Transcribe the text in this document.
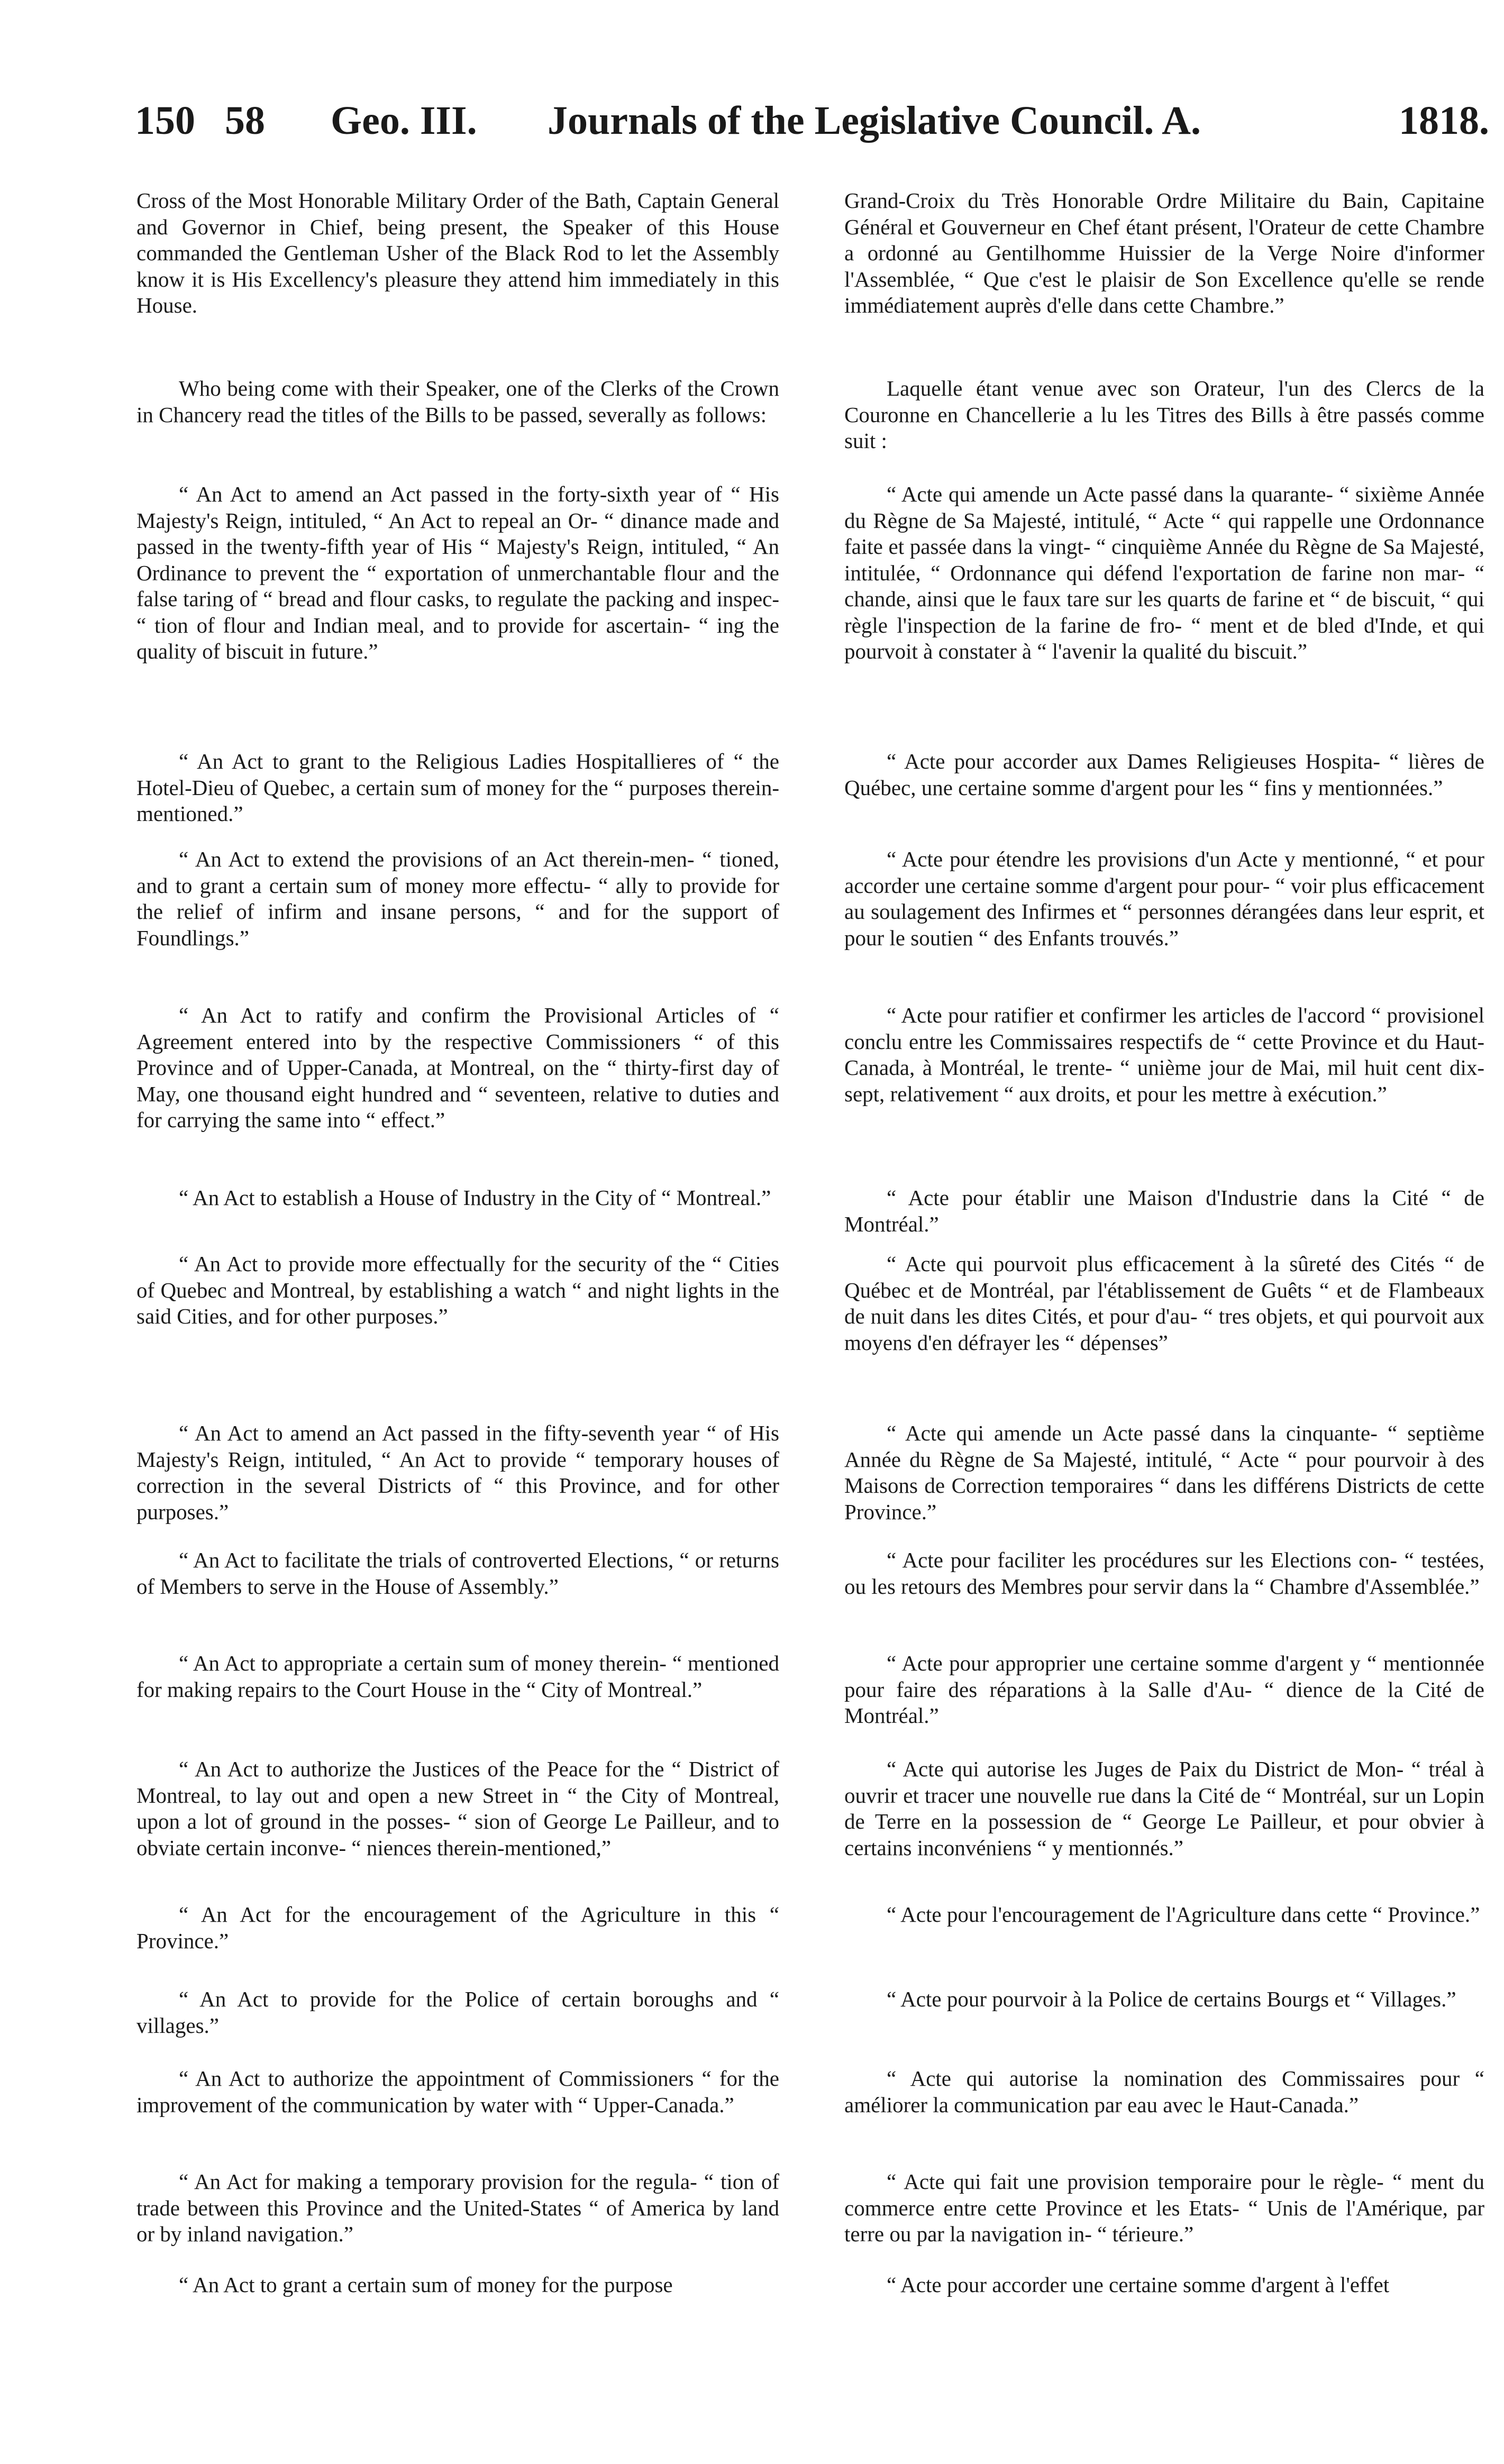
150 58 Geo. III. Journals of the Legislative Council. A.	1818.

Cross of the Most Honorable Military Order of the Bath, Captain General and Governor in Chief, being present, the Speaker of this House commanded the Gentleman Usher of the Black Rod to let the Assembly know it is His Excellency's pleasure they attend him immediately in this House.

Who being come with their Speaker, one of the Clerks of the Crown in Chancery read the titles of the Bills to be passed, severally as follows:

“ An Act to amend an Act passed in the forty-sixth year of “ His Majesty's Reign, intituled, “ An Act to repeal an Or- “ dinance made and passed in the twenty-fifth year of His “ Majesty's Reign, intituled, “ An Ordinance to prevent the “ exportation of unmerchantable flour and the false taring of “ bread and flour casks, to regulate the packing and inspec- “ tion of flour and Indian meal, and to provide for ascertain- “ ing the quality of biscuit in future.”

“ An Act to grant to the Religious Ladies Hospitallieres of “ the Hotel-Dieu of Quebec, a certain sum of money for the “ purposes therein-mentioned.”

“ An Act to extend the provisions of an Act therein-men- “ tioned, and to grant a certain sum of money more effectu- “ ally to provide for the relief of infirm and insane persons, “ and for the support of Foundlings.”

“ An Act to ratify and confirm the Provisional Articles of “ Agreement entered into by the respective Commissioners “ of this Province and of Upper-Canada, at Montreal, on the “ thirty-first day of May, one thousand eight hundred and “ seventeen, relative to duties and for carrying the same into “ effect.”

“ An Act to establish a House of Industry in the City of “ Montreal.”

“ An Act to provide more effectually for the security of the “ Cities of Quebec and Montreal, by establishing a watch “ and night lights in the said Cities, and for other purposes.”

“ An Act to amend an Act passed in the fifty-seventh year “ of His Majesty's Reign, intituled, “ An Act to provide “ temporary houses of correction in the several Districts of “ this Province, and for other purposes.”

“ An Act to facilitate the trials of controverted Elections, “ or returns of Members to serve in the House of Assembly.”

“ An Act to appropriate a certain sum of money therein- “ mentioned for making repairs to the Court House in the “ City of Montreal.”

“ An Act to authorize the Justices of the Peace for the “ District of Montreal, to lay out and open a new Street in “ the City of Montreal, upon a lot of ground in the posses- “ sion of George Le Pailleur, and to obviate certain inconve- “ niences therein-mentioned,”

“ An Act for the encouragement of the Agriculture in this “ Province.”

“ An Act to provide for the Police of certain boroughs and “ villages.”

“ An Act to authorize the appointment of Commissioners “ for the improvement of the communication by water with “ Upper-Canada.”

“ An Act for making a temporary provision for the regula- “ tion of trade between this Province and the United-States “ of America by land or by inland navigation.”

“ An Act to grant a certain sum of money for the purpose

Grand-Croix du Très Honorable Ordre Militaire du Bain, Capitaine Général et Gouverneur en Chef étant présent, l'Orateur de cette Chambre a ordonné au Gentilhomme Huissier de la Verge Noire d'informer l'Assemblée, “ Que c'est le plaisir de Son Excellence qu'elle se rende immédiatement auprès d'elle dans cette Chambre.”

Laquelle étant venue avec son Orateur, l'un des Clercs de la Couronne en Chancellerie a lu les Titres des Bills à être passés comme suit :

“ Acte qui amende un Acte passé dans la quarante- “ sixième Année du Règne de Sa Majesté, intitulé, “ Acte “ qui rappelle une Ordonnance faite et passée dans la vingt- “ cinquième Année du Règne de Sa Majesté, intitulée, “ Ordonnance qui défend l'exportation de farine non mar- “ chande, ainsi que le faux tare sur les quarts de farine et “ de biscuit, “ qui règle l'inspection de la farine de fro- “ ment et de bled d'Inde, et qui pourvoit à constater à “ l'avenir la qualité du biscuit.”

“ Acte pour accorder aux Dames Religieuses Hospita- “ lières de Québec, une certaine somme d'argent pour les “ fins y mentionnées.”

“ Acte pour étendre les provisions d'un Acte y mentionné, “ et pour accorder une certaine somme d'argent pour pour- “ voir plus efficacement au soulagement des Infirmes et “ personnes dérangées dans leur esprit, et pour le soutien “ des Enfants trouvés.”

“ Acte pour ratifier et confirmer les articles de l'accord “ provisionel conclu entre les Commissaires respectifs de “ cette Province et du Haut-Canada, à Montréal, le trente- “ unième jour de Mai, mil huit cent dix-sept, relativement “ aux droits, et pour les mettre à exécution.”

“ Acte pour établir une Maison d'Industrie dans la Cité “ de Montréal.”

“ Acte qui pourvoit plus efficacement à la sûreté des Cités “ de Québec et de Montréal, par l'établissement de Guêts “ et de Flambeaux de nuit dans les dites Cités, et pour d'au- “ tres objets, et qui pourvoit aux moyens d'en défrayer les “ dépenses”

“ Acte qui amende un Acte passé dans la cinquante- “ septième Année du Règne de Sa Majesté, intitulé, “ Acte “ pour pourvoir à des Maisons de Correction temporaires “ dans les différens Districts de cette Province.”

“ Acte pour faciliter les procédures sur les Elections con- “ testées, ou les retours des Membres pour servir dans la “ Chambre d'Assemblée.”

“ Acte pour approprier une certaine somme d'argent y “ mentionnée pour faire des réparations à la Salle d'Au- “ dience de la Cité de Montréal.”

“ Acte qui autorise les Juges de Paix du District de Mon- “ tréal à ouvrir et tracer une nouvelle rue dans la Cité de “ Montréal, sur un Lopin de Terre en la possession de “ George Le Pailleur, et pour obvier à certains inconvéniens “ y mentionnés.”

“ Acte pour l'encouragement de l'Agriculture dans cette “ Province.”

“ Acte pour pourvoir à la Police de certains Bourgs et “ Villages.”

“ Acte qui autorise la nomination des Commissaires pour “ améliorer la communication par eau avec le Haut-Canada.”

“ Acte qui fait une provision temporaire pour le règle- “ ment du commerce entre cette Province et les Etats- “ Unis de l'Amérique, par terre ou par la navigation in- “ térieure.”

“ Acte pour accorder une certaine somme d'argent à l'effet
